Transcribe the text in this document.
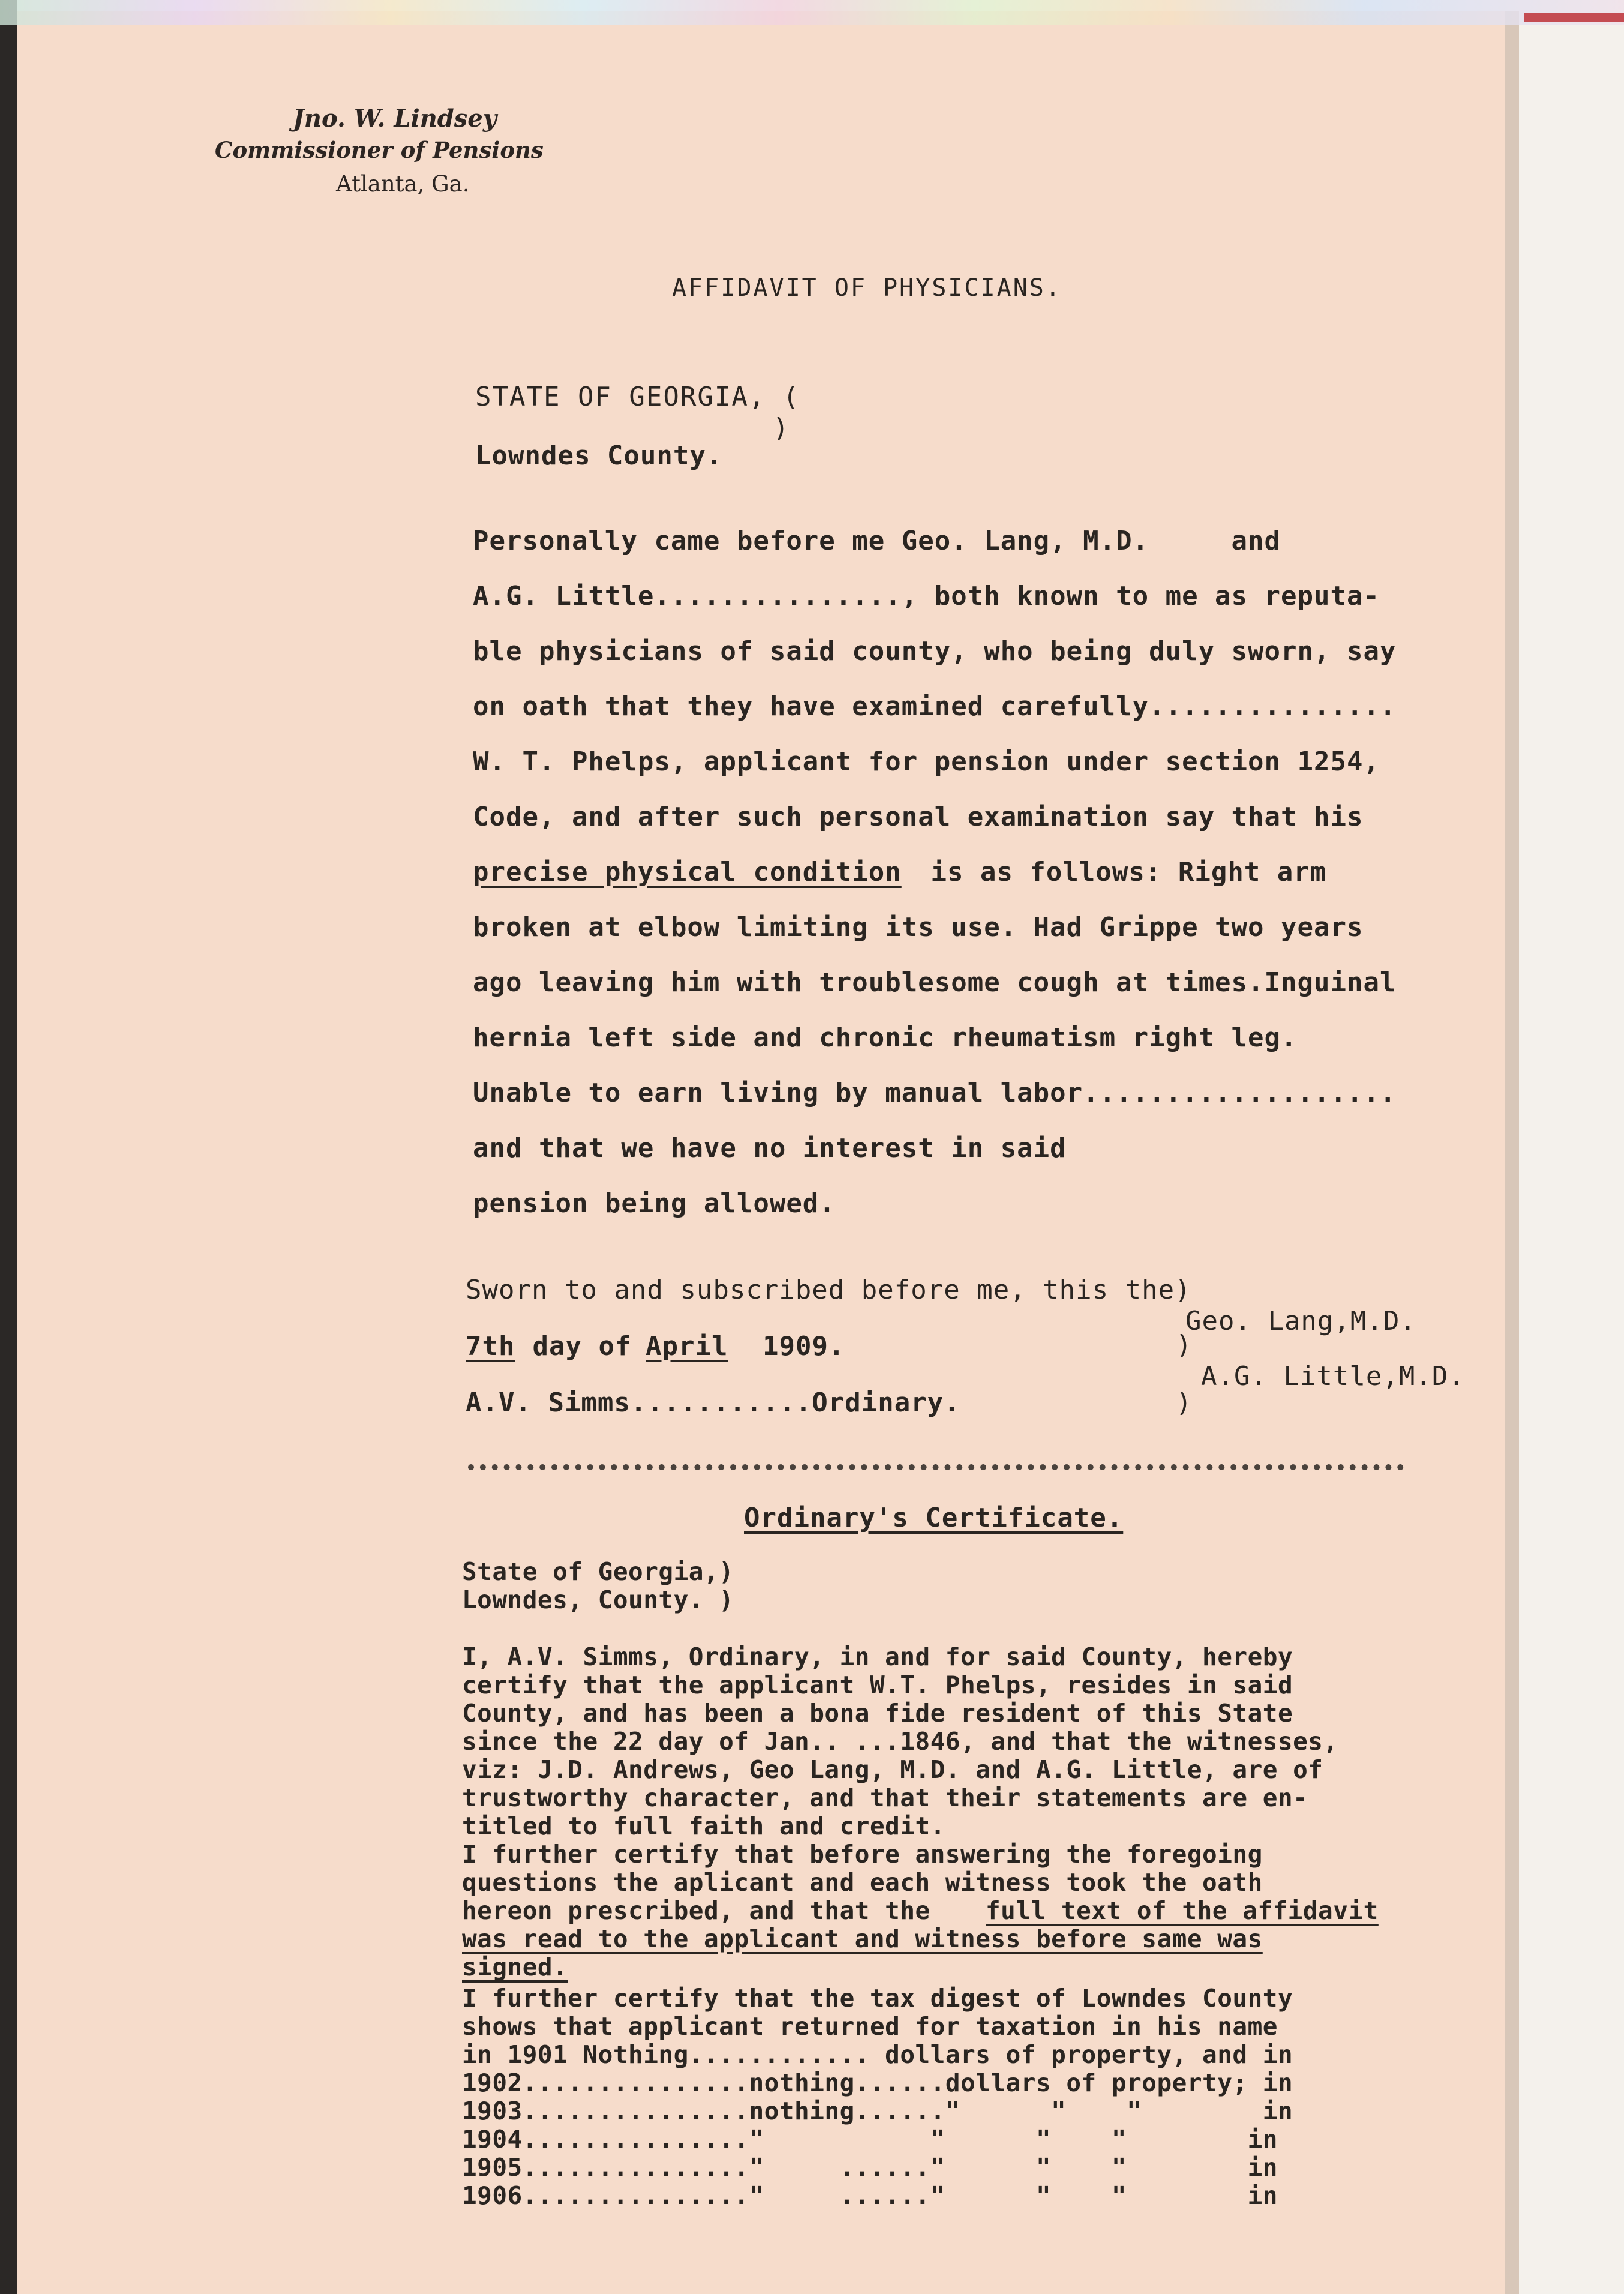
Jno. W. Lindsey
Commissioner of Pensions
Atlanta, Ga.
AFFIDAVIT OF PHYSICIANS.
STATE OF GEORGIA, (
)
Lowndes County.
Personally came before me Geo. Lang, M.D.     and
A.G. Little..............., both known to me as reputa-
ble physicians of said county, who being duly sworn, say
on oath that they have examined carefully...............
W. T. Phelps, applicant for pension under section 1254,
Code, and after such personal examination say that his
precise physical condition is as follows: Right arm
broken at elbow limiting its use. Had Grippe two years
ago leaving him with troublesome cough at times.Inguinal
hernia left side and chronic rheumatism right leg.
Unable to earn living by manual labor...................
and that we have no interest in said
pension being allowed.
Sworn to and subscribed before me, this the)
7th day of
April 1909.
A.V. Simms...........Ordinary.
)
)
Geo. Lang,M.D.
A.G. Little,M.D.
Ordinary's Certificate.
State of Georgia,)
Lowndes, County. )
I, A.V. Simms, Ordinary, in and for said County, hereby
certify that the applicant W.T. Phelps, resides in said
County, and has been a bona fide resident of this State
since the 22 day of Jan.. ...1846, and that the witnesses,
viz: J.D. Andrews, Geo Lang, M.D. and A.G. Little, are of
trustworthy character, and that their statements are en-
titled to full faith and credit.
I further certify that before answering the foregoing
questions the aplicant and each witness took the oath
hereon prescribed, and that the full text of the affidavit
was read to the applicant and witness before same was
signed.
I further certify that the tax digest of Lowndes County
shows that applicant returned for taxation in his name
in 1901 Nothing............ dollars of property, and in
1902...............nothing......dollars of property; in
1903...............nothing......"      "    "        in
1904..............."           "      "    "        in
1905..............."     ......"      "    "        in
1906..............."     ......"      "    "        in
